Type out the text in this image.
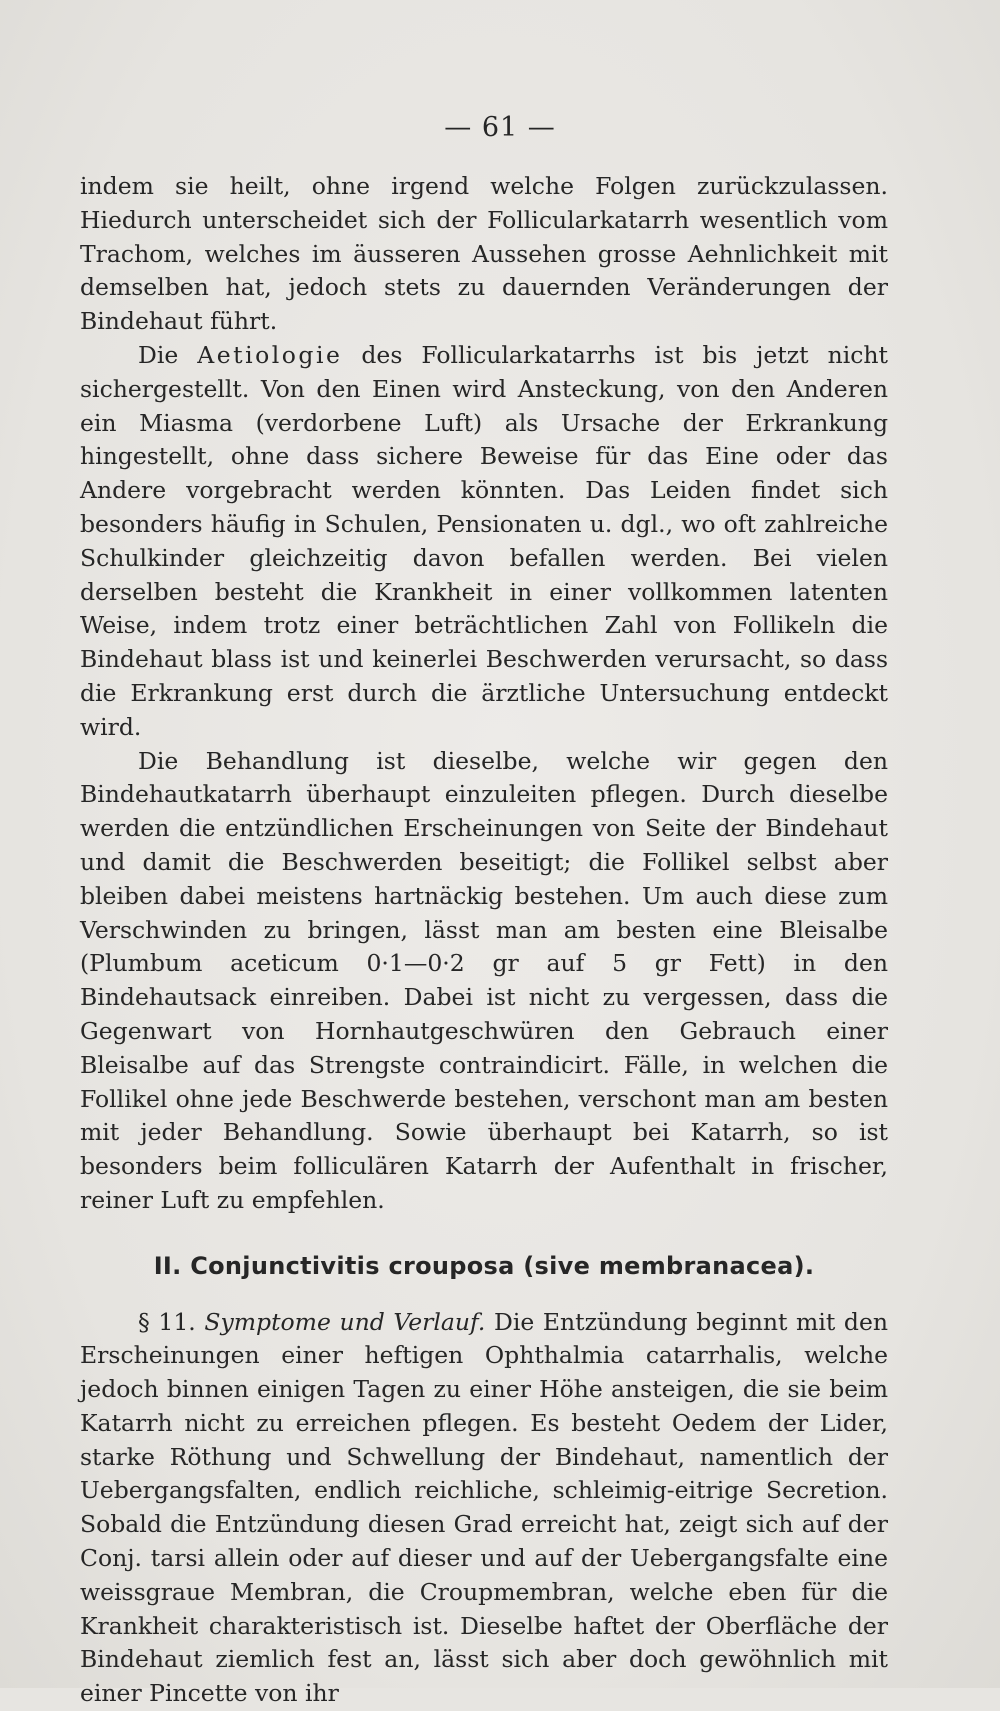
— 61 —

indem sie heilt, ohne irgend welche Folgen zurückzulassen. Hiedurch unterscheidet sich der Follicularkatarrh wesentlich vom Trachom, welches im äusseren Aussehen grosse Aehnlichkeit mit demselben hat, jedoch stets zu dauernden Veränderungen der Bindehaut führt.

Die Aetiologie des Follicularkatarrhs ist bis jetzt nicht sichergestellt. Von den Einen wird Ansteckung, von den Anderen ein Miasma (verdorbene Luft) als Ursache der Erkrankung hingestellt, ohne dass sichere Beweise für das Eine oder das Andere vorgebracht werden könnten. Das Leiden findet sich besonders häufig in Schulen, Pensionaten u. dgl., wo oft zahlreiche Schulkinder gleichzeitig davon befallen werden. Bei vielen derselben besteht die Krankheit in einer vollkommen latenten Weise, indem trotz einer beträchtlichen Zahl von Follikeln die Bindehaut blass ist und keinerlei Beschwerden verursacht, so dass die Erkrankung erst durch die ärztliche Untersuchung entdeckt wird.

Die Behandlung ist dieselbe, welche wir gegen den Bindehautkatarrh überhaupt einzuleiten pflegen. Durch dieselbe werden die entzündlichen Erscheinungen von Seite der Bindehaut und damit die Beschwerden beseitigt; die Follikel selbst aber bleiben dabei meistens hartnäckig bestehen. Um auch diese zum Verschwinden zu bringen, lässt man am besten eine Bleisalbe (Plumbum aceticum 0·1—0·2 gr auf 5 gr Fett) in den Bindehautsack einreiben. Dabei ist nicht zu vergessen, dass die Gegenwart von Hornhautgeschwüren den Gebrauch einer Bleisalbe auf das Strengste contraindicirt. Fälle, in welchen die Follikel ohne jede Beschwerde bestehen, verschont man am besten mit jeder Behandlung. Sowie überhaupt bei Katarrh, so ist besonders beim folliculären Katarrh der Aufenthalt in frischer, reiner Luft zu empfehlen.

II. Conjunctivitis crouposa (sive membranacea).

§ 11. Symptome und Verlauf. Die Entzündung beginnt mit den Erscheinungen einer heftigen Ophthalmia catarrhalis, welche jedoch binnen einigen Tagen zu einer Höhe ansteigen, die sie beim Katarrh nicht zu erreichen pflegen. Es besteht Oedem der Lider, starke Röthung und Schwellung der Bindehaut, namentlich der Uebergangsfalten, endlich reichliche, schleimig-eitrige Secretion. Sobald die Entzündung diesen Grad erreicht hat, zeigt sich auf der Conj. tarsi allein oder auf dieser und auf der Uebergangsfalte eine weissgraue Membran, die Croupmembran, welche eben für die Krankheit charakteristisch ist. Dieselbe haftet der Oberfläche der Bindehaut ziemlich fest an, lässt sich aber doch gewöhnlich mit einer Pincette von ihr
